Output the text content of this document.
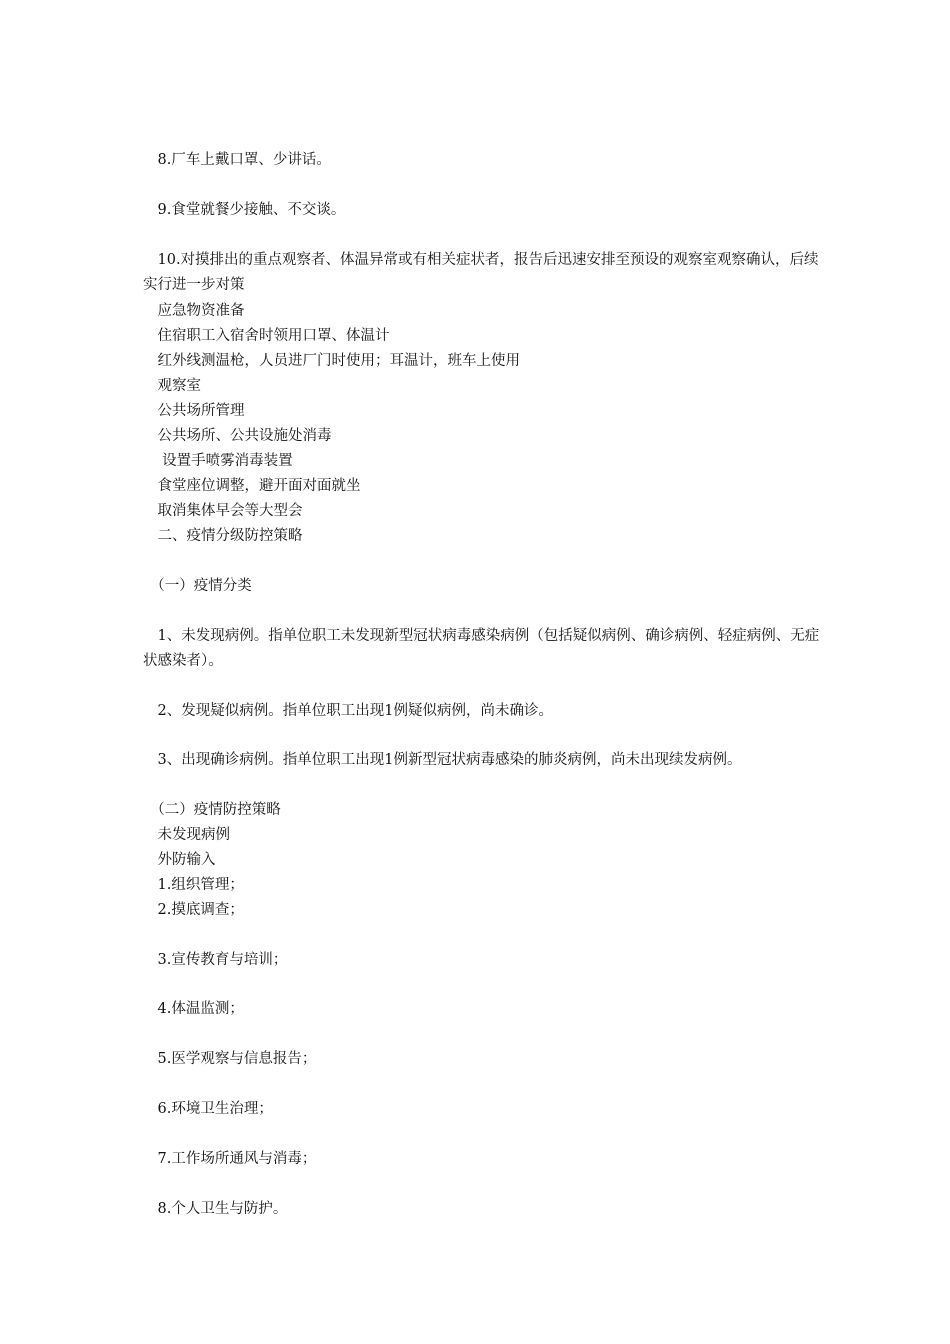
　8.厂车上戴口罩、少讲话。
　9.食堂就餐少接触、不交谈。
　10.对摸排出的重点观察者、体温异常或有相关症状者，报告后迅速安排至预设的观察室观察确认，后续实行进一步对策
　应急物资准备
　住宿职工入宿舍时领用口罩、体温计
　红外线测温枪，人员进厂门时使用；耳温计，班车上使用
　观察室
　公共场所管理
　公共场所、公共设施处消毒
　 设置手喷雾消毒装置
　食堂座位调整，避开面对面就坐
　取消集体早会等大型会
　二、疫情分级防控策略
　（一）疫情分类
　1、未发现病例。指单位职工未发现新型冠状病毒感染病例（包括疑似病例、确诊病例、轻症病例、无症状感染者）。
　2、发现疑似病例。指单位职工出现1例疑似病例，尚未确诊。
　3、出现确诊病例。指单位职工出现1例新型冠状病毒感染的肺炎病例，尚未出现续发病例。
　（二）疫情防控策略
　未发现病例
　外防输入
　1.组织管理；
　2.摸底调查；
　3.宣传教育与培训；
　4.体温监测；
　5.医学观察与信息报告；
　6.环境卫生治理；
　7.工作场所通风与消毒；
　8.个人卫生与防护。
